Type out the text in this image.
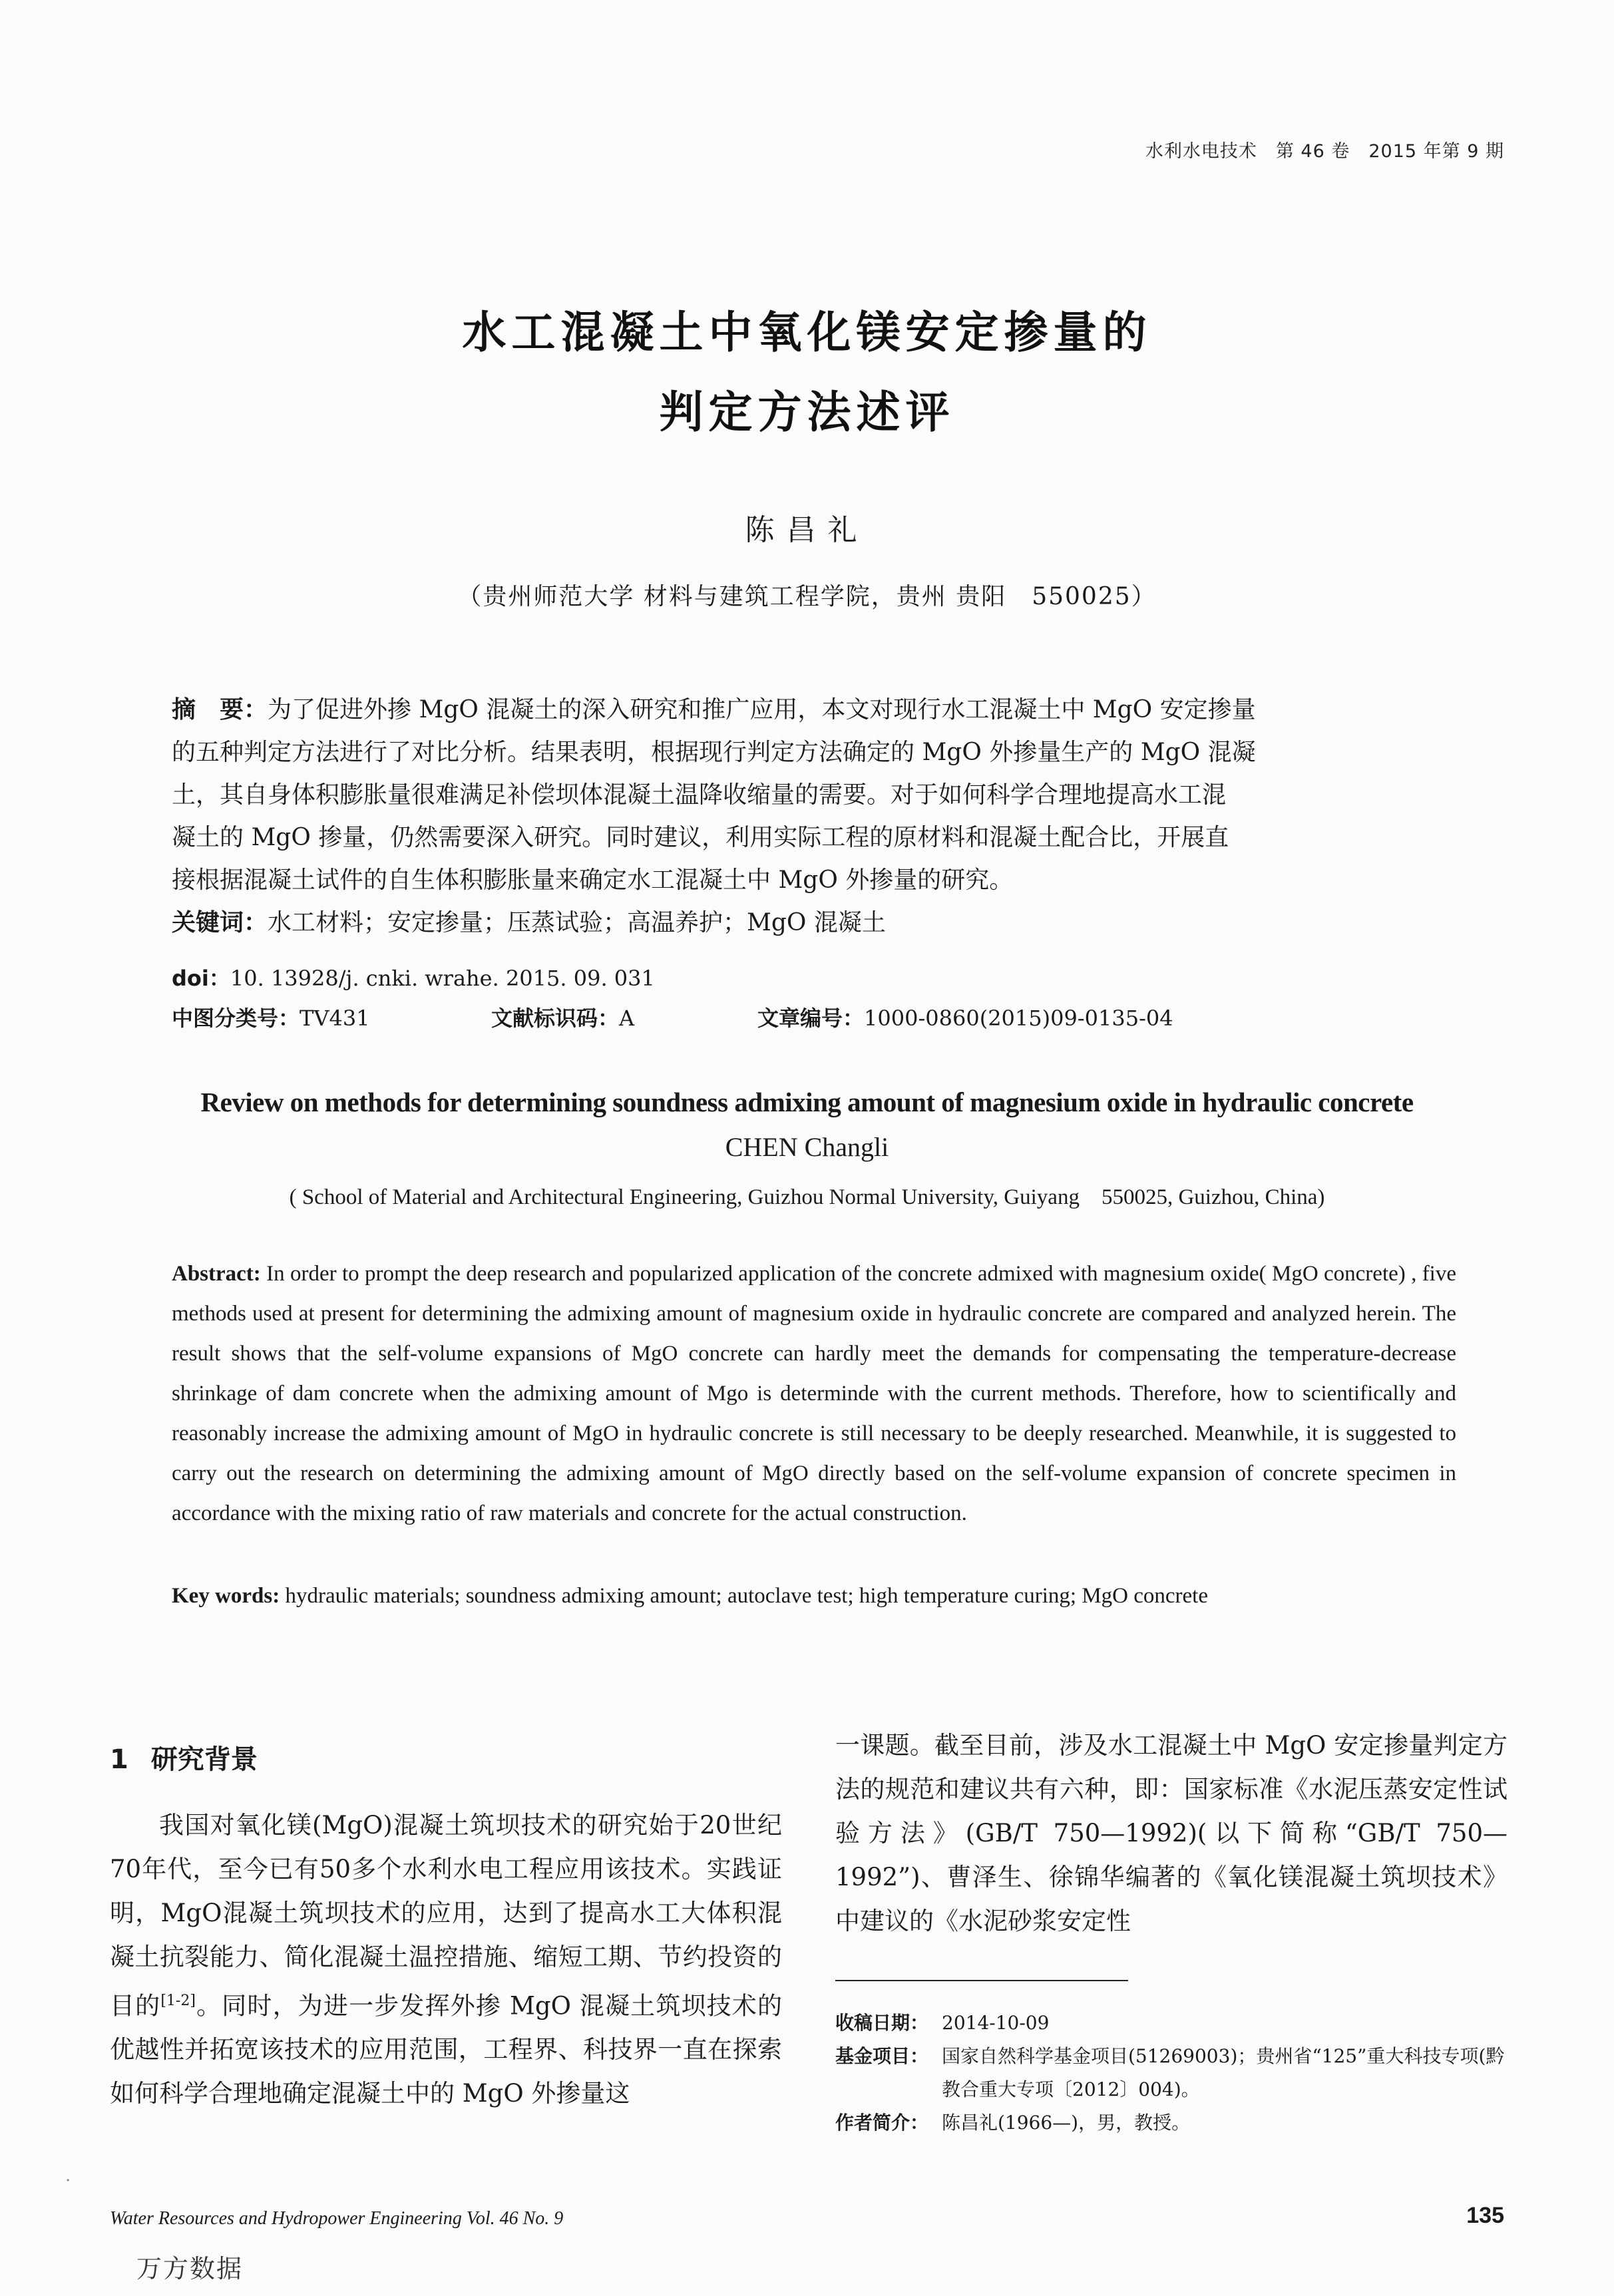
水利水电技术　第 46 卷　2015 年第 9 期
水工混凝土中氧化镁安定掺量的
判定方法述评
陈昌礼
（贵州师范大学 材料与建筑工程学院，贵州 贵阳　550025）
摘　要：为了促进外掺 MgO 混凝土的深入研究和推广应用，本文对现行水工混凝土中 MgO 安定掺量
的五种判定方法进行了对比分析。结果表明，根据现行判定方法确定的 MgO 外掺量生产的 MgO 混凝
土，其自身体积膨胀量很难满足补偿坝体混凝土温降收缩量的需要。对于如何科学合理地提高水工混
凝土的 MgO 掺量，仍然需要深入研究。同时建议，利用实际工程的原材料和混凝土配合比，开展直
接根据混凝土试件的自生体积膨胀量来确定水工混凝土中 MgO 外掺量的研究。
关键词：水工材料；安定掺量；压蒸试验；高温养护；MgO 混凝土
doi：10. 13928/j. cnki. wrahe. 2015. 09. 031
中图分类号：TV431	文献标识码：A	文章编号：1000-0860(2015)09-0135-04
Review on methods for determining soundness admixing amount of magnesium oxide in hydraulic concrete
CHEN Changli
( School of Material and Architectural Engineering, Guizhou Normal University, Guiyang　550025, Guizhou, China)
Abstract: In order to prompt the deep research and popularized application of the concrete admixed with magnesium oxide( MgO concrete) , five methods used at present for determining the admixing amount of magnesium oxide in hydraulic concrete are compared and analyzed herein. The result shows that the self-volume expansions of MgO concrete can hardly meet the demands for compensating the temperature-decrease shrinkage of dam concrete when the admixing amount of Mgo is determinde with the current methods. Therefore, how to scientifically and reasonably increase the admixing amount of MgO in hydraulic concrete is still necessary to be deeply researched. Meanwhile, it is suggested to carry out the research on determining the admixing amount of MgO directly based on the self-volume expansion of concrete specimen in accordance with the mixing ratio of raw materials and concrete for the actual construction.
Key words: hydraulic materials; soundness admixing amount; autoclave test; high temperature curing; MgO concrete
1 研究背景
我国对氧化镁(MgO)混凝土筑坝技术的研究始于20世纪70年代，至今已有50多个水利水电工程应用该技术。实践证明，MgO混凝土筑坝技术的应用，达到了提高水工大体积混凝土抗裂能力、简化混凝土温控措施、缩短工期、节约投资的目的[1-2]。同时，为进一步发挥外掺 MgO 混凝土筑坝技术的优越性并拓宽该技术的应用范围，工程界、科技界一直在探索如何科学合理地确定混凝土中的 MgO 外掺量这
一课题。截至目前，涉及水工混凝土中 MgO 安定掺量判定方法的规范和建议共有六种，即：国家标准《水泥压蒸安定性试验方法》(GB/T 750—1992)(以下简称“GB/T 750—1992”)、曹泽生、徐锦华编著的《氧化镁混凝土筑坝技术》中建议的《水泥砂浆安定性
收稿日期： 2014-10-09
基金项目： 国家自然科学基金项目(51269003)；贵州省“125”重大科技专项(黔教合重大专项〔2012〕004)。
作者简介： 陈昌礼(1966—)，男，教授。
·
Water Resources and Hydropower Engineering Vol. 46 No. 9	135
万方数据
